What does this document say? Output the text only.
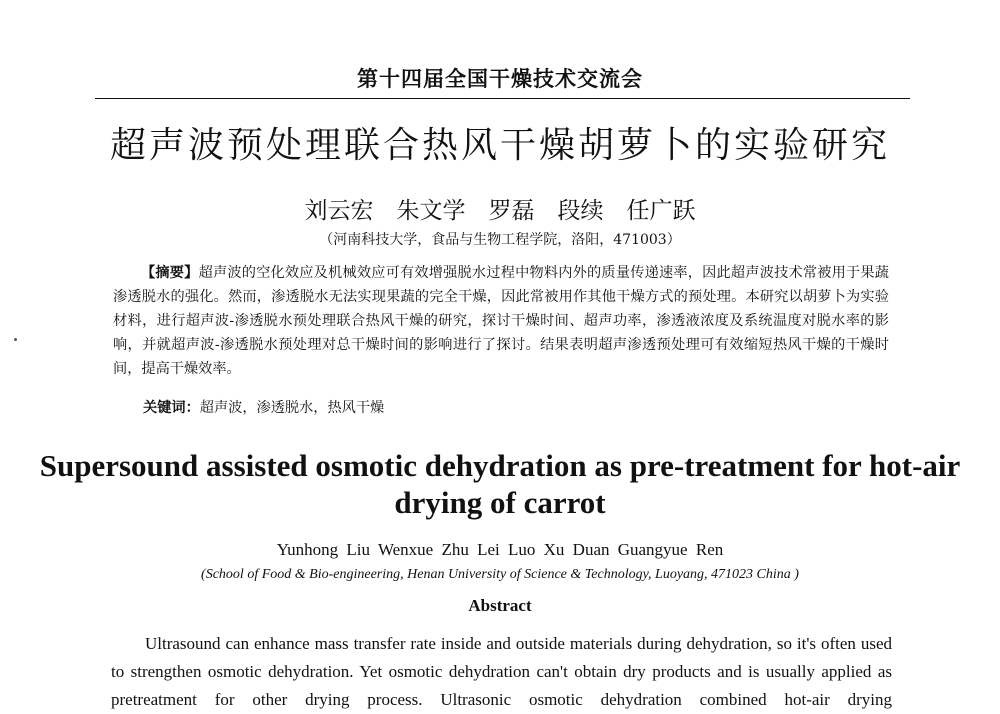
第十四届全国干燥技术交流会
超声波预处理联合热风干燥胡萝卜的实验研究
刘云宏　朱文学　罗磊　段续　任广跃
（河南科技大学，食品与生物工程学院，洛阳，471003）

【摘要】超声波的空化效应及机械效应可有效增强脱水过程中物料内外的质量传递速率，因此超声波技术常被用于果蔬渗透脱水的强化。然而，渗透脱水无法实现果蔬的完全干燥，因此常被用作其他干燥方式的预处理。本研究以胡萝卜为实验材料，进行超声波-渗透脱水预处理联合热风干燥的研究，探讨干燥时间、超声功率，渗透液浓度及系统温度对脱水率的影响，并就超声波-渗透脱水预处理对总干燥时间的影响进行了探讨。结果表明超声渗透预处理可有效缩短热风干燥的干燥时间，提高干燥效率。

关键词：超声波，渗透脱水，热风干燥
Supersound assisted osmotic dehydration as pre-treatment for hot-air drying of carrot
Yunhong Liu Wenxue Zhu Lei Luo Xu Duan Guangyue Ren
(School of Food & Bio-engineering, Henan University of Science & Technology, Luoyang, 471023 China )
Abstract

Ultrasound can enhance mass transfer rate inside and outside materials during dehydration, so it's often used to strengthen osmotic dehydration. Yet osmotic dehydration can't obtain dry products and is usually applied as pretreatment for other drying process. Ultrasonic osmotic dehydration combined hot-air drying
